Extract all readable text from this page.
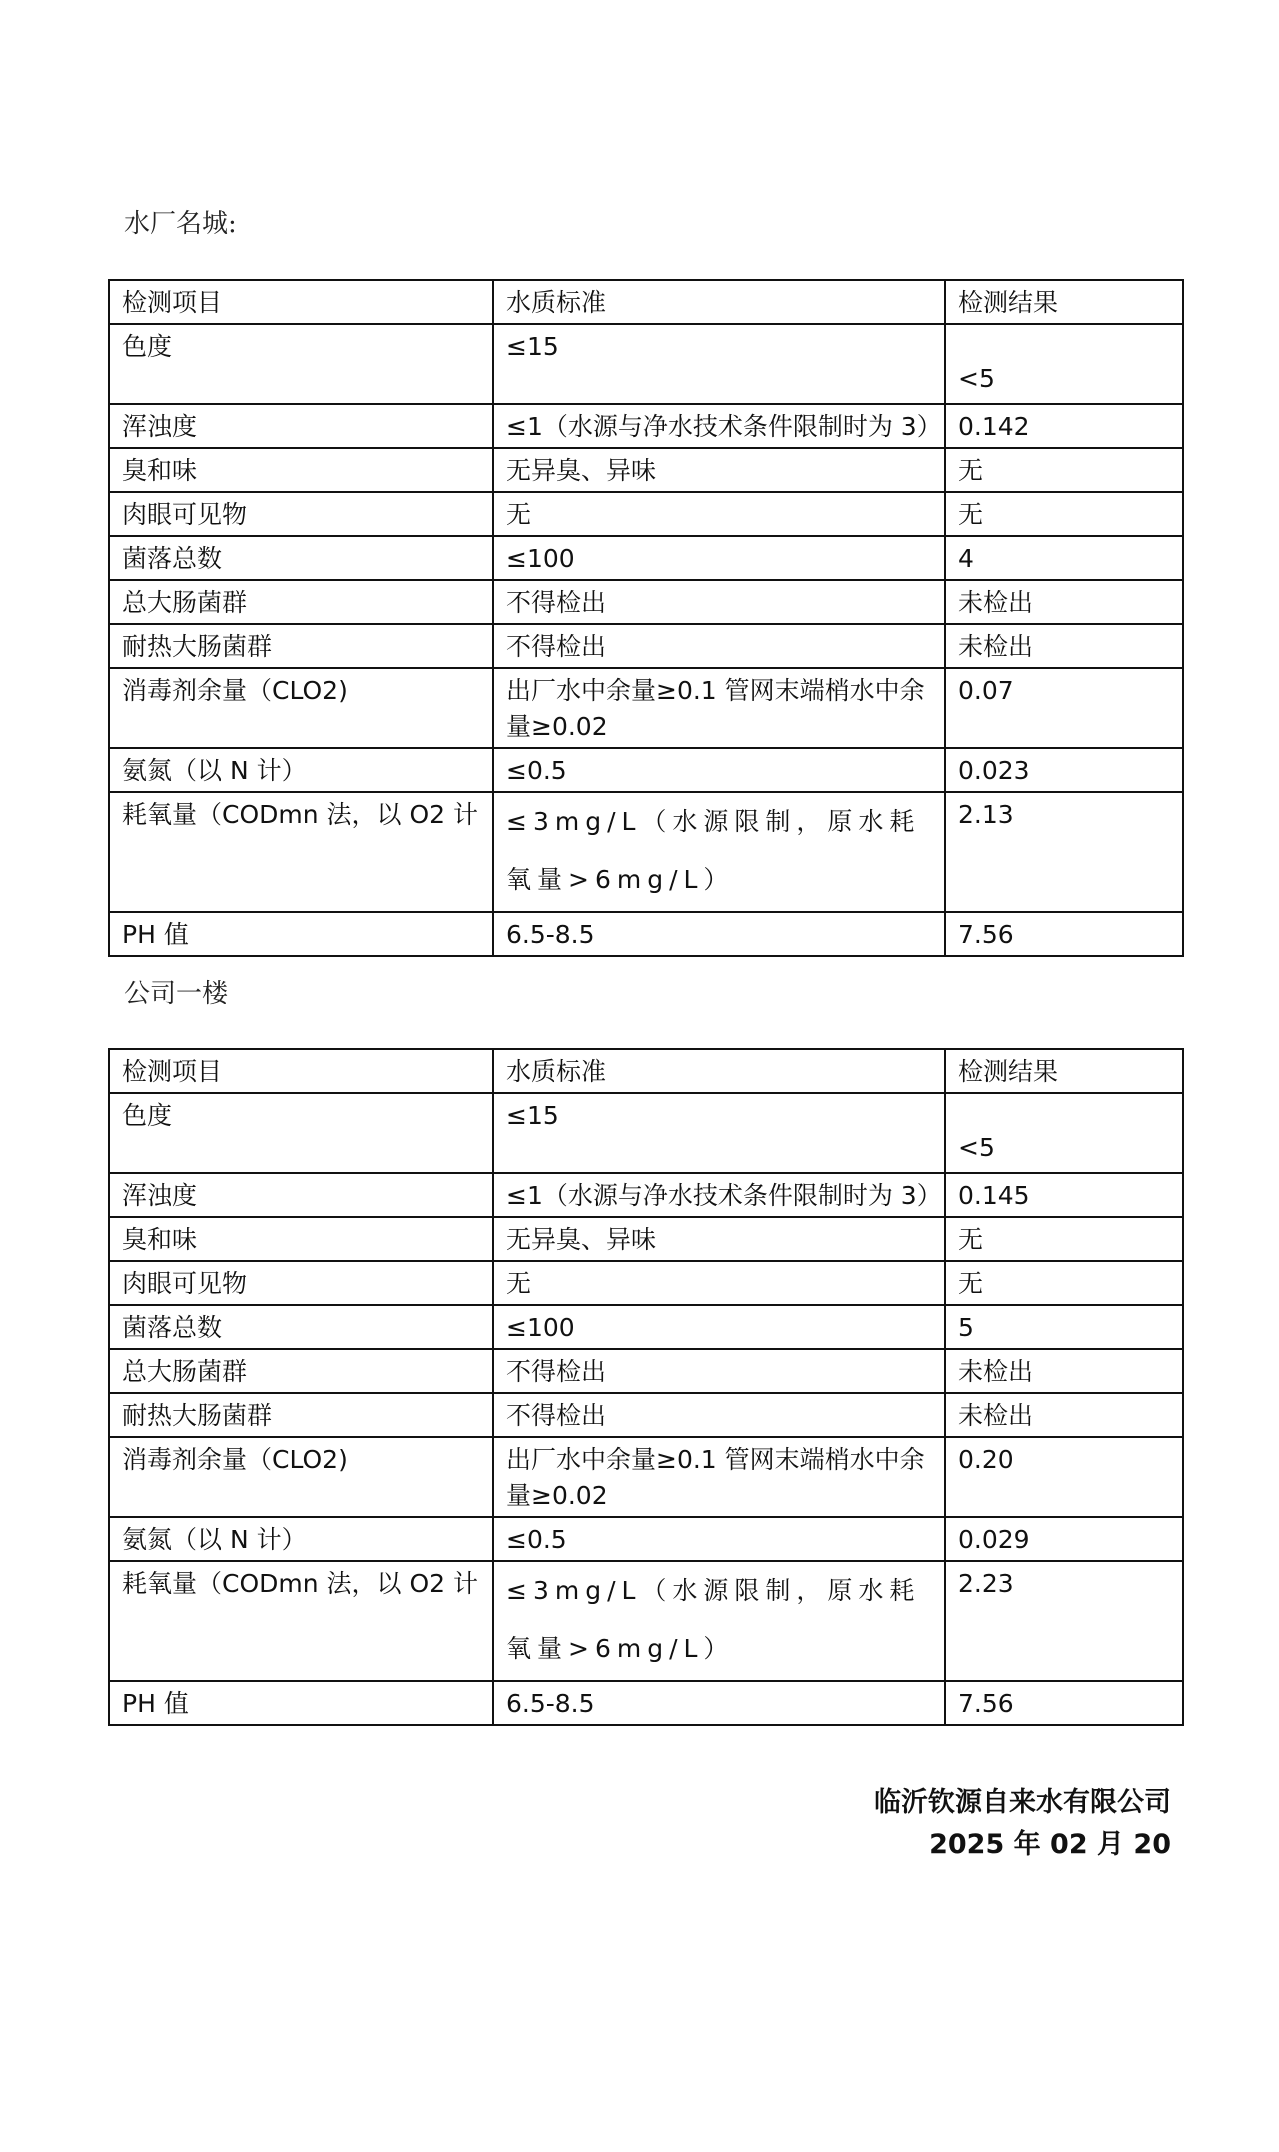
水厂名城:
检测项目	水质标准	检测结果
色度	≤15	<5

浑浊度	≤1（水源与净水技术条件限制时为 3）	0.142
臭和味	无异臭、异味	无
肉眼可见物	无	无
菌落总数	≤100	4
总大肠菌群	不得检出	未检出
耐热大肠菌群	不得检出	未检出
消毒剂余量（CLO2)	出厂水中余量≥0.1 管网末端梢水中余量≥0.02	0.07
氨氮（以 N 计）	≤0.5	0.023
耗氧量（CODmn 法，以 O2 计	≤3mg/L（水源限制，原水耗氧量>6mg/L）	2.13
PH 值	6.5-8.5	7.56
公司一楼
检测项目	水质标准	检测结果
色度	≤15	<5

浑浊度	≤1（水源与净水技术条件限制时为 3）	0.145
臭和味	无异臭、异味	无
肉眼可见物	无	无
菌落总数	≤100	5
总大肠菌群	不得检出	未检出
耐热大肠菌群	不得检出	未检出
消毒剂余量（CLO2)	出厂水中余量≥0.1 管网末端梢水中余量≥0.02	0.20
氨氮（以 N 计）	≤0.5	0.029
耗氧量（CODmn 法，以 O2 计	≤3mg/L（水源限制，原水耗氧量>6mg/L）	2.23
PH 值	6.5-8.5	7.56
临沂钦源自来水有限公司
2025 年 02 月 20
